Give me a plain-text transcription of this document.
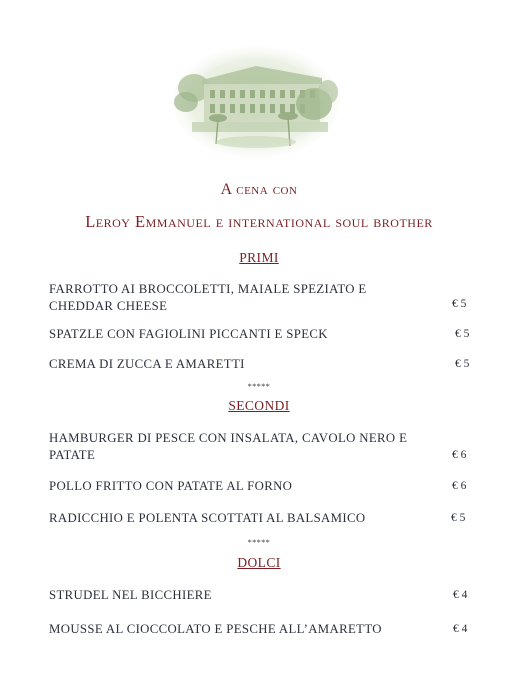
A cena con
Leroy Emmanuel e international soul brother
PRIMI
FARROTTO AI BROCCOLETTI, MAIALE SPEZIATO E CHEDDAR CHEESE	€ 5
SPATZLE CON FAGIOLINI PICCANTI E SPECK	€ 5
CREMA DI ZUCCA E AMARETTI	€ 5
*****
SECONDI
HAMBURGER DI PESCE CON INSALATA, CAVOLO NERO E PATATE	€ 6
POLLO FRITTO CON PATATE AL FORNO	€ 6
RADICCHIO E POLENTA SCOTTATI AL BALSAMICO	€ 5
*****
DOLCI
STRUDEL NEL BICCHIERE	€ 4
MOUSSE AL CIOCCOLATO E PESCHE ALL’AMARETTO	€ 4
